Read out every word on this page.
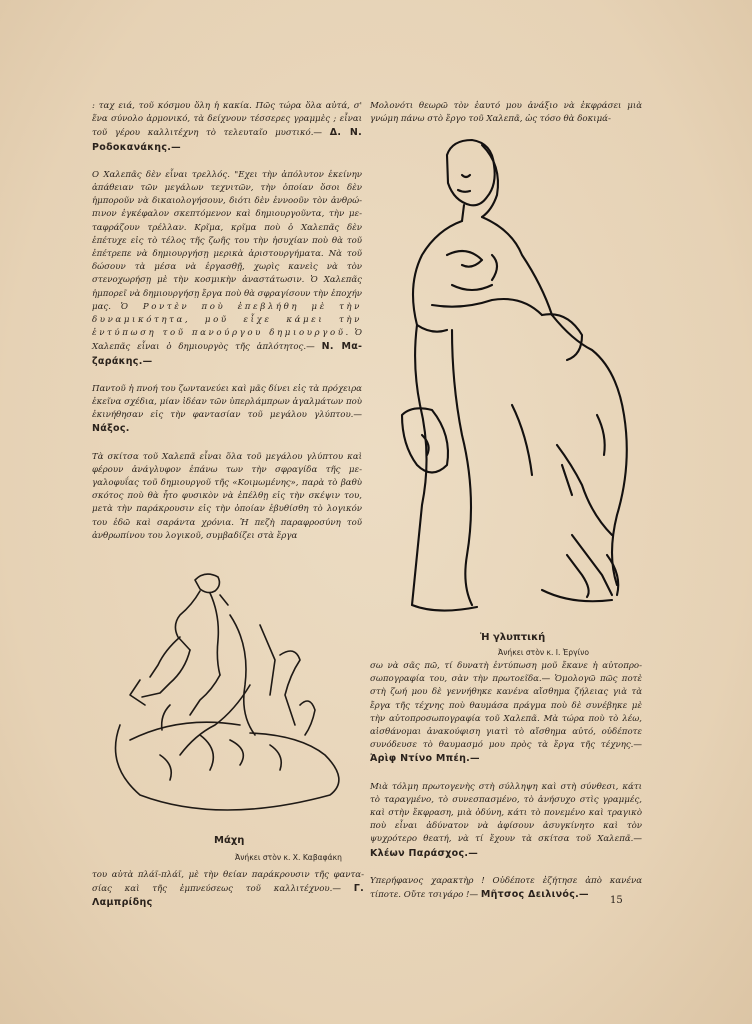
: ταχ ειά, τοῦ κόσμου ὅλη ἡ κακία. Πῶς τώρα ὅλα αὐτά, σ' ἕνα σύνολο ἁρμονικό, τὰ δείχνουν τέσσερες γραμμὲς ; εἶναι τοῦ γέρου καλλιτέχνη τὸ τελευταῖο μυστικό.— Δ. Ν. Ροδοκανάκης.—

Ο Χαλεπᾶς δὲν εἶναι τρελλός. "Εχει τὴν ἀπόλυτον ἐκείνην ἀπάθειαν τῶν μεγάλων τεχνιτῶν, τὴν ὁποίαν ὅσοι δὲν ἠμποροῦν νὰ δικαιολογήσουν, διότι δὲν ἐννοοῦν τὸν ἀνθρώπινον ἐγκέφαλον σκεπτόμενον καὶ δημιουργοῦντα, τὴν μεταφράζουν τρέλλαν. Κρῖμα, κρῖμα ποὺ ὁ Χαλεπᾶς δὲν ἐπέτυχε εἰς τὸ τέλος τῆς ζωῆς του τὴν ἡσυχίαν ποὺ θὰ τοῦ ἐπέτρεπε νὰ δημιουργήσῃ μερικὰ ἀριστουργήματα. Νὰ τοῦ δώσουν τὰ μέσα νὰ ἐργασθῇ, χωρὶς κανεὶς νὰ τὸν στενοχωρήσῃ μὲ τὴν κοσμικὴν ἀναστάτωσιν. Ὁ Χαλεπᾶς ἠμπορεῖ νὰ δημιουργήσῃ ἔργα ποὺ θὰ σφραγίσουν τὴν ἐποχήν μας. Ὁ Ροντὲν ποὺ ἐπεβλήθη μὲ τὴν δυναμικότητα, μοῦ εἶχε κάμει τὴν ἐντύπωση τοῦ πανούργου δημιουργοῦ. Ὁ Χαλεπᾶς εἶναι ὁ δημιουργὸς τῆς ἁπλότητος.— Ν. Μαζαράκης.—

Παντοῦ ἡ πνοή του ζωντανεύει καὶ μᾶς δίνει εἰς τὰ πρόχειρα ἐκεῖνα σχέδια, μίαν ἰδέαν τῶν ὑπερλάμπρων ἀγαλμάτων ποὺ ἐκινήθησαν εἰς τὴν φαντασίαν τοῦ μεγάλου γλύπτου.— Νάξος.

Τὰ σκίτσα τοῦ Χαλεπᾶ εἶναι ὅλα τοῦ μεγάλου γλύπτου καὶ φέρουν ἀνάγλυφον ἐπάνω των τὴν σφραγίδα τῆς μεγαλοφυΐας τοῦ δημιουργοῦ τῆς «Κοιμωμένης», παρὰ τὸ βαθὺ σκότος ποὺ θὰ ἦτο φυσικὸν νὰ ἐπέλθῃ εἰς τὴν σκέψιν του, μετὰ τὴν παράκρουσιν εἰς τὴν ὁποίαν ἐβυθίσθη τὸ λογικόν του ἐδῶ καὶ σαράντα χρόνια. Ἡ πεζὴ παραφροσύνη τοῦ ἀνθρωπίνου του λογικοῦ, συμβαδίζει στὰ ἔργα

Μάχη
Ἀνήκει στὸν κ. Χ. Καβαφάκη
του αὐτὰ πλάϊ-πλάϊ, μὲ τὴν θείαν παράκρουσιν τῆς φαντασίας καὶ τῆς ἐμπνεύσεως τοῦ καλλιτέχνου.— Γ. Λαμπρίδης

Μολονότι θεωρῶ τὸν ἑαυτό μου ἀνάξιο νὰ ἐκφράσει μιὰ γνώμη πάνω στὸ ἔργο τοῦ Χαλεπᾶ, ὡς τόσο θὰ δοκιμά-

Ἡ γλυπτική
Ἀνήκει στὸν κ. Ι. Ἐργίνο

σω νὰ σᾶς πῶ, τί δυνατὴ ἐντύπωση μοῦ ἔκανε ἡ αὐτοπροσωπογραφία του, σὰν τὴν πρωτοεῖδα.— Ὁμολογῶ πῶς ποτὲ στὴ ζωή μου δὲ γεννήθηκε κανένα αἴσθημα ζήλειας γιὰ τὰ ἔργα τῆς τέχνης ποὺ θαυμάσα πράγμα ποὺ δὲ συνέβηκε μὲ τὴν αὐτοπροσωπογραφία τοῦ Χαλεπᾶ. Μὰ τώρα ποὺ τὸ λέω, αἰσθάνομαι ἀνακούφιση γιατὶ τὸ αἴσθημα αὐτό, οὐδέποτε συνόδευσε τὸ θαυμασμό μου πρὸς τὰ ἔργα τῆς τέχνης.— Ἀρὶφ Ντίνο Μπέη.—

Μιὰ τόλμη πρωτογενὴς στὴ σύλληψη καὶ στὴ σύνθεσι, κάτι τὸ ταραγμένο, τὸ συνεσπασμένο, τὸ ἀνήσυχο στὶς γραμμές, καὶ στὴν ἔκφραση, μιὰ ὀδύνη, κάτι τὸ πονεμένο καὶ τραγικὸ ποὺ εἶναι ἀδύνατον νὰ ἀφίσουν ἀσυγκίνητο καὶ τὸν ψυχρότερο θεατή, νὰ τί ἔχουν τὰ σκίτσα τοῦ Χαλεπᾶ.— Κλέων Παράσχος.—

Υπερήφανος χαρακτὴρ ! Οὐδέποτε ἐζήτησε ἀπὸ κανένα τίποτε. Οὔτε τσιγάρο !— Μῆτσος Δειλινός.—

15
